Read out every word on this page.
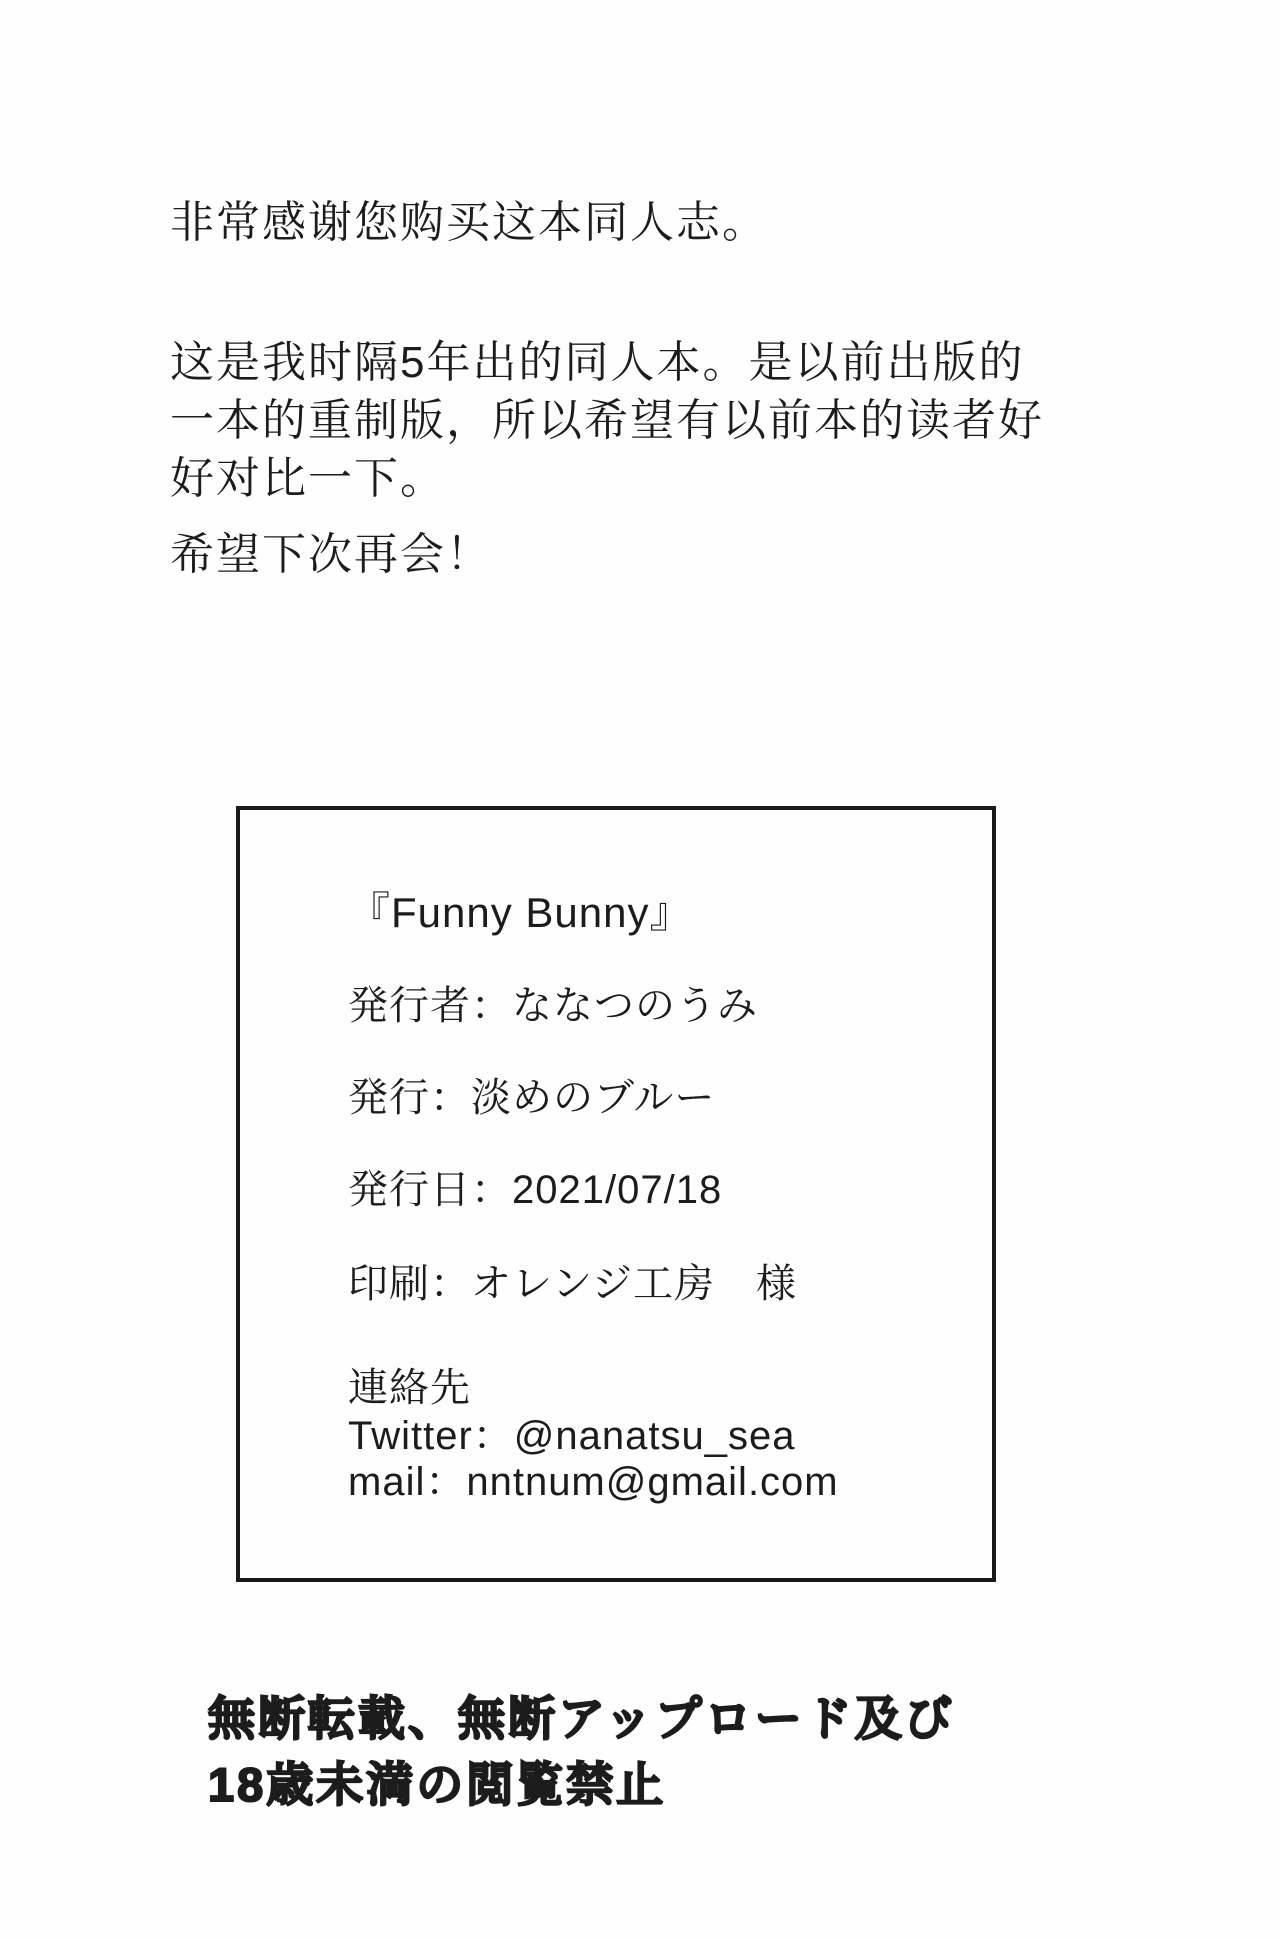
非常感谢您购买这本同人志。
这是我时隔5年出的同人本。是以前出版的
一本的重制版，所以希望有以前本的读者好
好对比一下。
希望下次再会！
『Funny Bunny』
発行者：ななつのうみ
発行：淡めのブルー
発行日：2021/07/18
印刷：オレンジ工房　様
連絡先
Twitter：@nanatsu_sea
mail：nntnum@gmail.com
無断転載、無断アップロード及び
18歳未満の閲覧禁止
